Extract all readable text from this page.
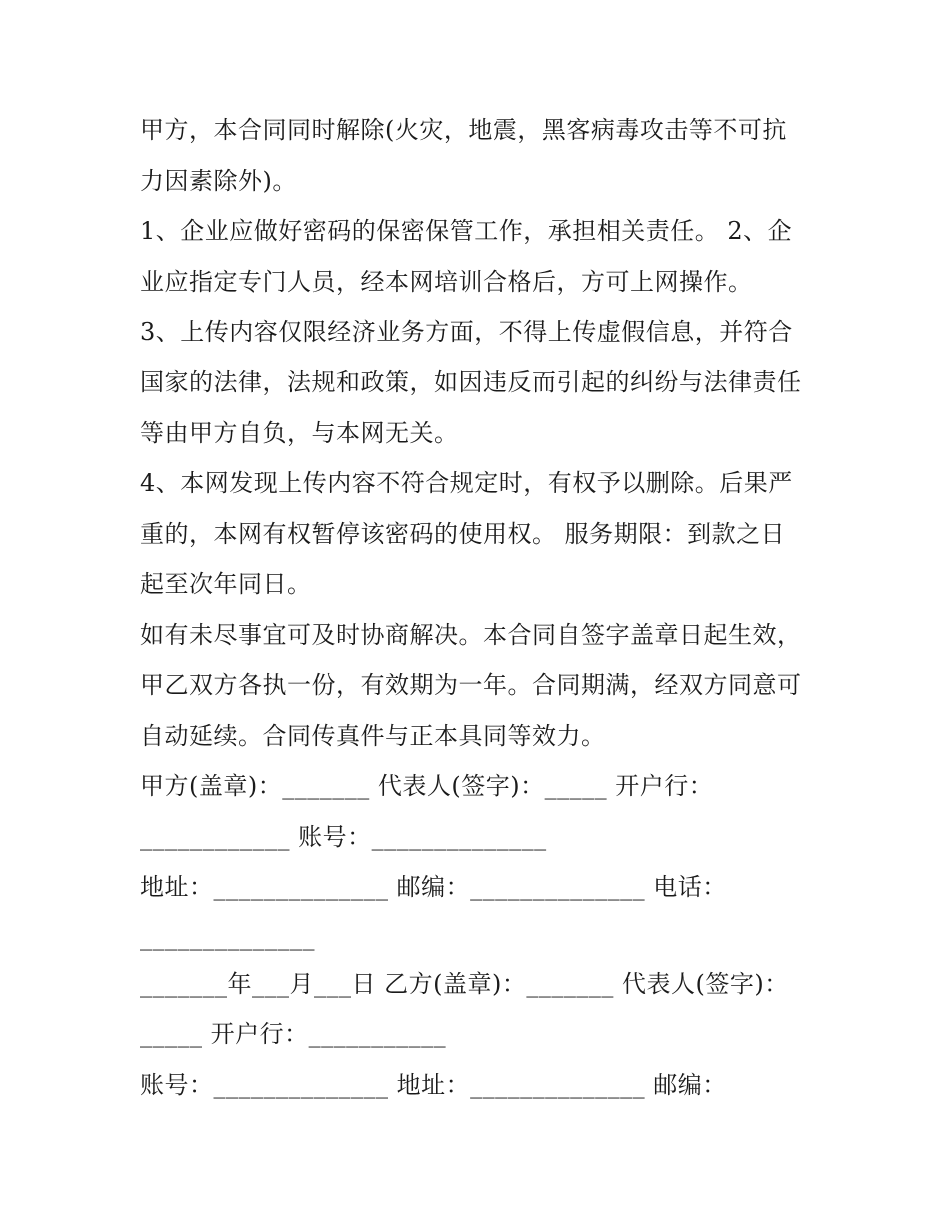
甲方，本合同同时解除(火灾，地震，黑客病毒攻击等不可抗

力因素除外)。

1、企业应做好密码的保密保管工作，承担相关责任。 2、企

业应指定专门人员，经本网培训合格后，方可上网操作。

3、上传内容仅限经济业务方面，不得上传虚假信息，并符合

国家的法律，法规和政策，如因违反而引起的纠纷与法律责任

等由甲方自负，与本网无关。

4、本网发现上传内容不符合规定时，有权予以删除。后果严

重的，本网有权暂停该密码的使用权。 服务期限：到款之日

起至次年同日。

如有未尽事宜可及时协商解决。本合同自签字盖章日起生效，

甲乙双方各执一份，有效期为一年。合同期满，经双方同意可

自动延续。合同传真件与正本具同等效力。

甲方(盖章)：_______ 代表人(签字)：_____ 开户行：

____________ 账号：______________

地址：______________ 邮编：______________ 电话：

______________

_______年___月___日 乙方(盖章)：_______ 代表人(签字)：

_____ 开户行：___________

账号：______________ 地址：______________ 邮编：
